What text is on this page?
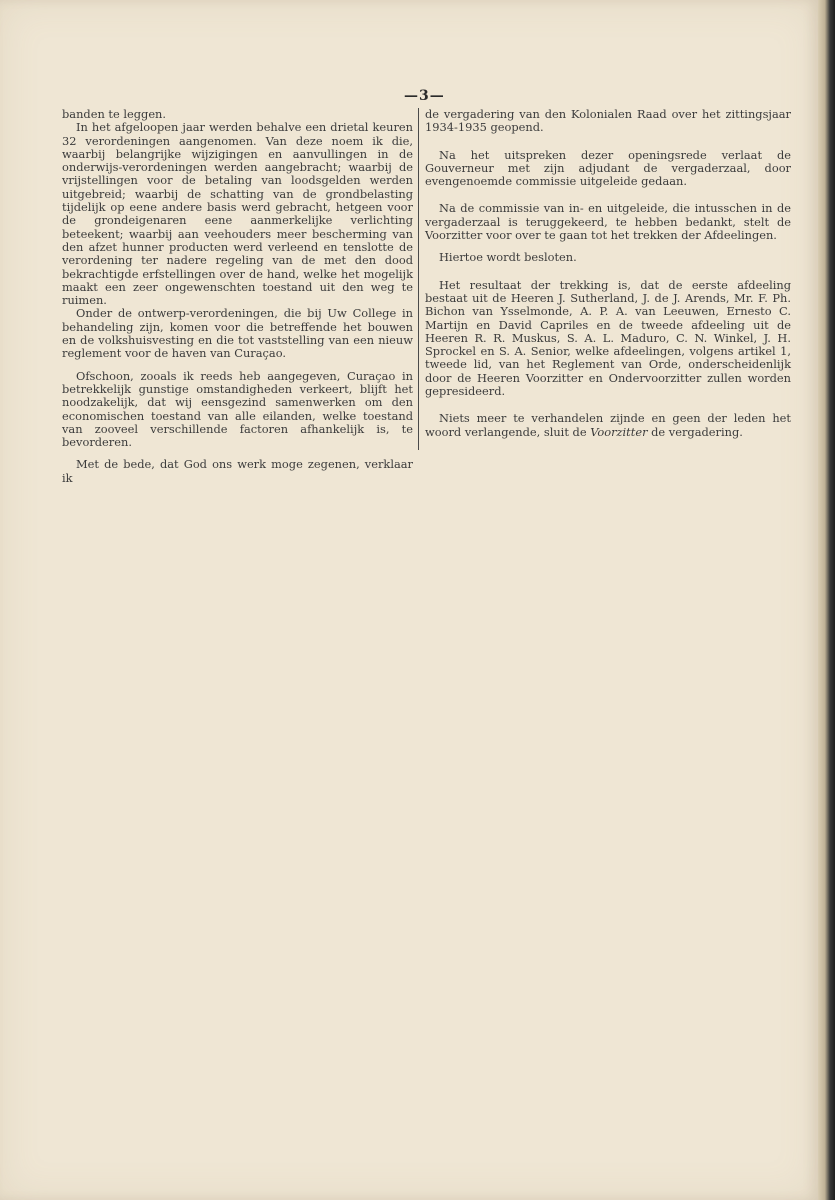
—3—

banden te leggen.

In het afgeloopen jaar werden behalve een drietal keuren 32 verordeningen aangenomen. Van deze noem ik die, waarbij belangrijke wijzigingen en aanvullingen in de onderwijs-verordeningen werden aangebracht; waarbij de vrijstellingen voor de betaling van loodsgelden werden uitgebreid; waarbij de schatting van de grondbelasting tijdelijk op eene andere basis werd gebracht, hetgeen voor de grondeigenaren eene aanmerkelijke verlichting beteekent; waarbij aan veehouders meer bescherming van den afzet hunner producten werd verleend en tenslotte de verordening ter nadere regeling van de met den dood bekrachtigde erfstellingen over de hand, welke het mogelijk maakt een zeer ongewenschten toestand uit den weg te ruimen.

Onder de ontwerp-verordeningen, die bij Uw College in behandeling zijn, komen voor die betreffende het bouwen en de volkshuisvesting en die tot vaststelling van een nieuw reglement voor de haven van Curaçao.

Ofschoon, zooals ik reeds heb aangegeven, Curaçao in betrekkelijk gunstige omstandigheden verkeert, blijft het noodzakelijk, dat wij eensgezind samenwerken om den economischen toestand van alle eilanden, welke toestand van zooveel verschillende factoren afhankelijk is, te bevorderen.

Met de bede, dat God ons werk moge zegenen, verklaar ik

de vergadering van den Kolonialen Raad over het zittingsjaar 1934-1935 geopend.

Na het uitspreken dezer openingsrede verlaat de Gouverneur met zijn adjudant de vergaderzaal, door evengenoemde commissie uitgeleide gedaan.

Na de commissie van in- en uitgeleide, die intusschen in de vergaderzaal is teruggekeerd, te hebben bedankt, stelt de Voorzitter voor over te gaan tot het trekken der Afdeelingen.

Hiertoe wordt besloten.

Het resultaat der trekking is, dat de eerste afdeeling bestaat uit de Heeren J. Sutherland, J. de J. Arends, Mr. F. Ph. Bichon van Ysselmonde, A. P. A. van Leeuwen, Ernesto C. Martijn en David Capriles en de tweede afdeeling uit de Heeren R. R. Muskus, S. A. L. Maduro, C. N. Winkel, J. H. Sprockel en S. A. Senior, welke afdeelingen, volgens artikel 1, tweede lid, van het Reglement van Orde, onderscheidenlijk door de Heeren Voorzitter en Ondervoorzitter zullen worden gepresideerd.

Niets meer te verhandelen zijnde en geen der leden het woord verlangende, sluit de Voorzitter de vergadering.
